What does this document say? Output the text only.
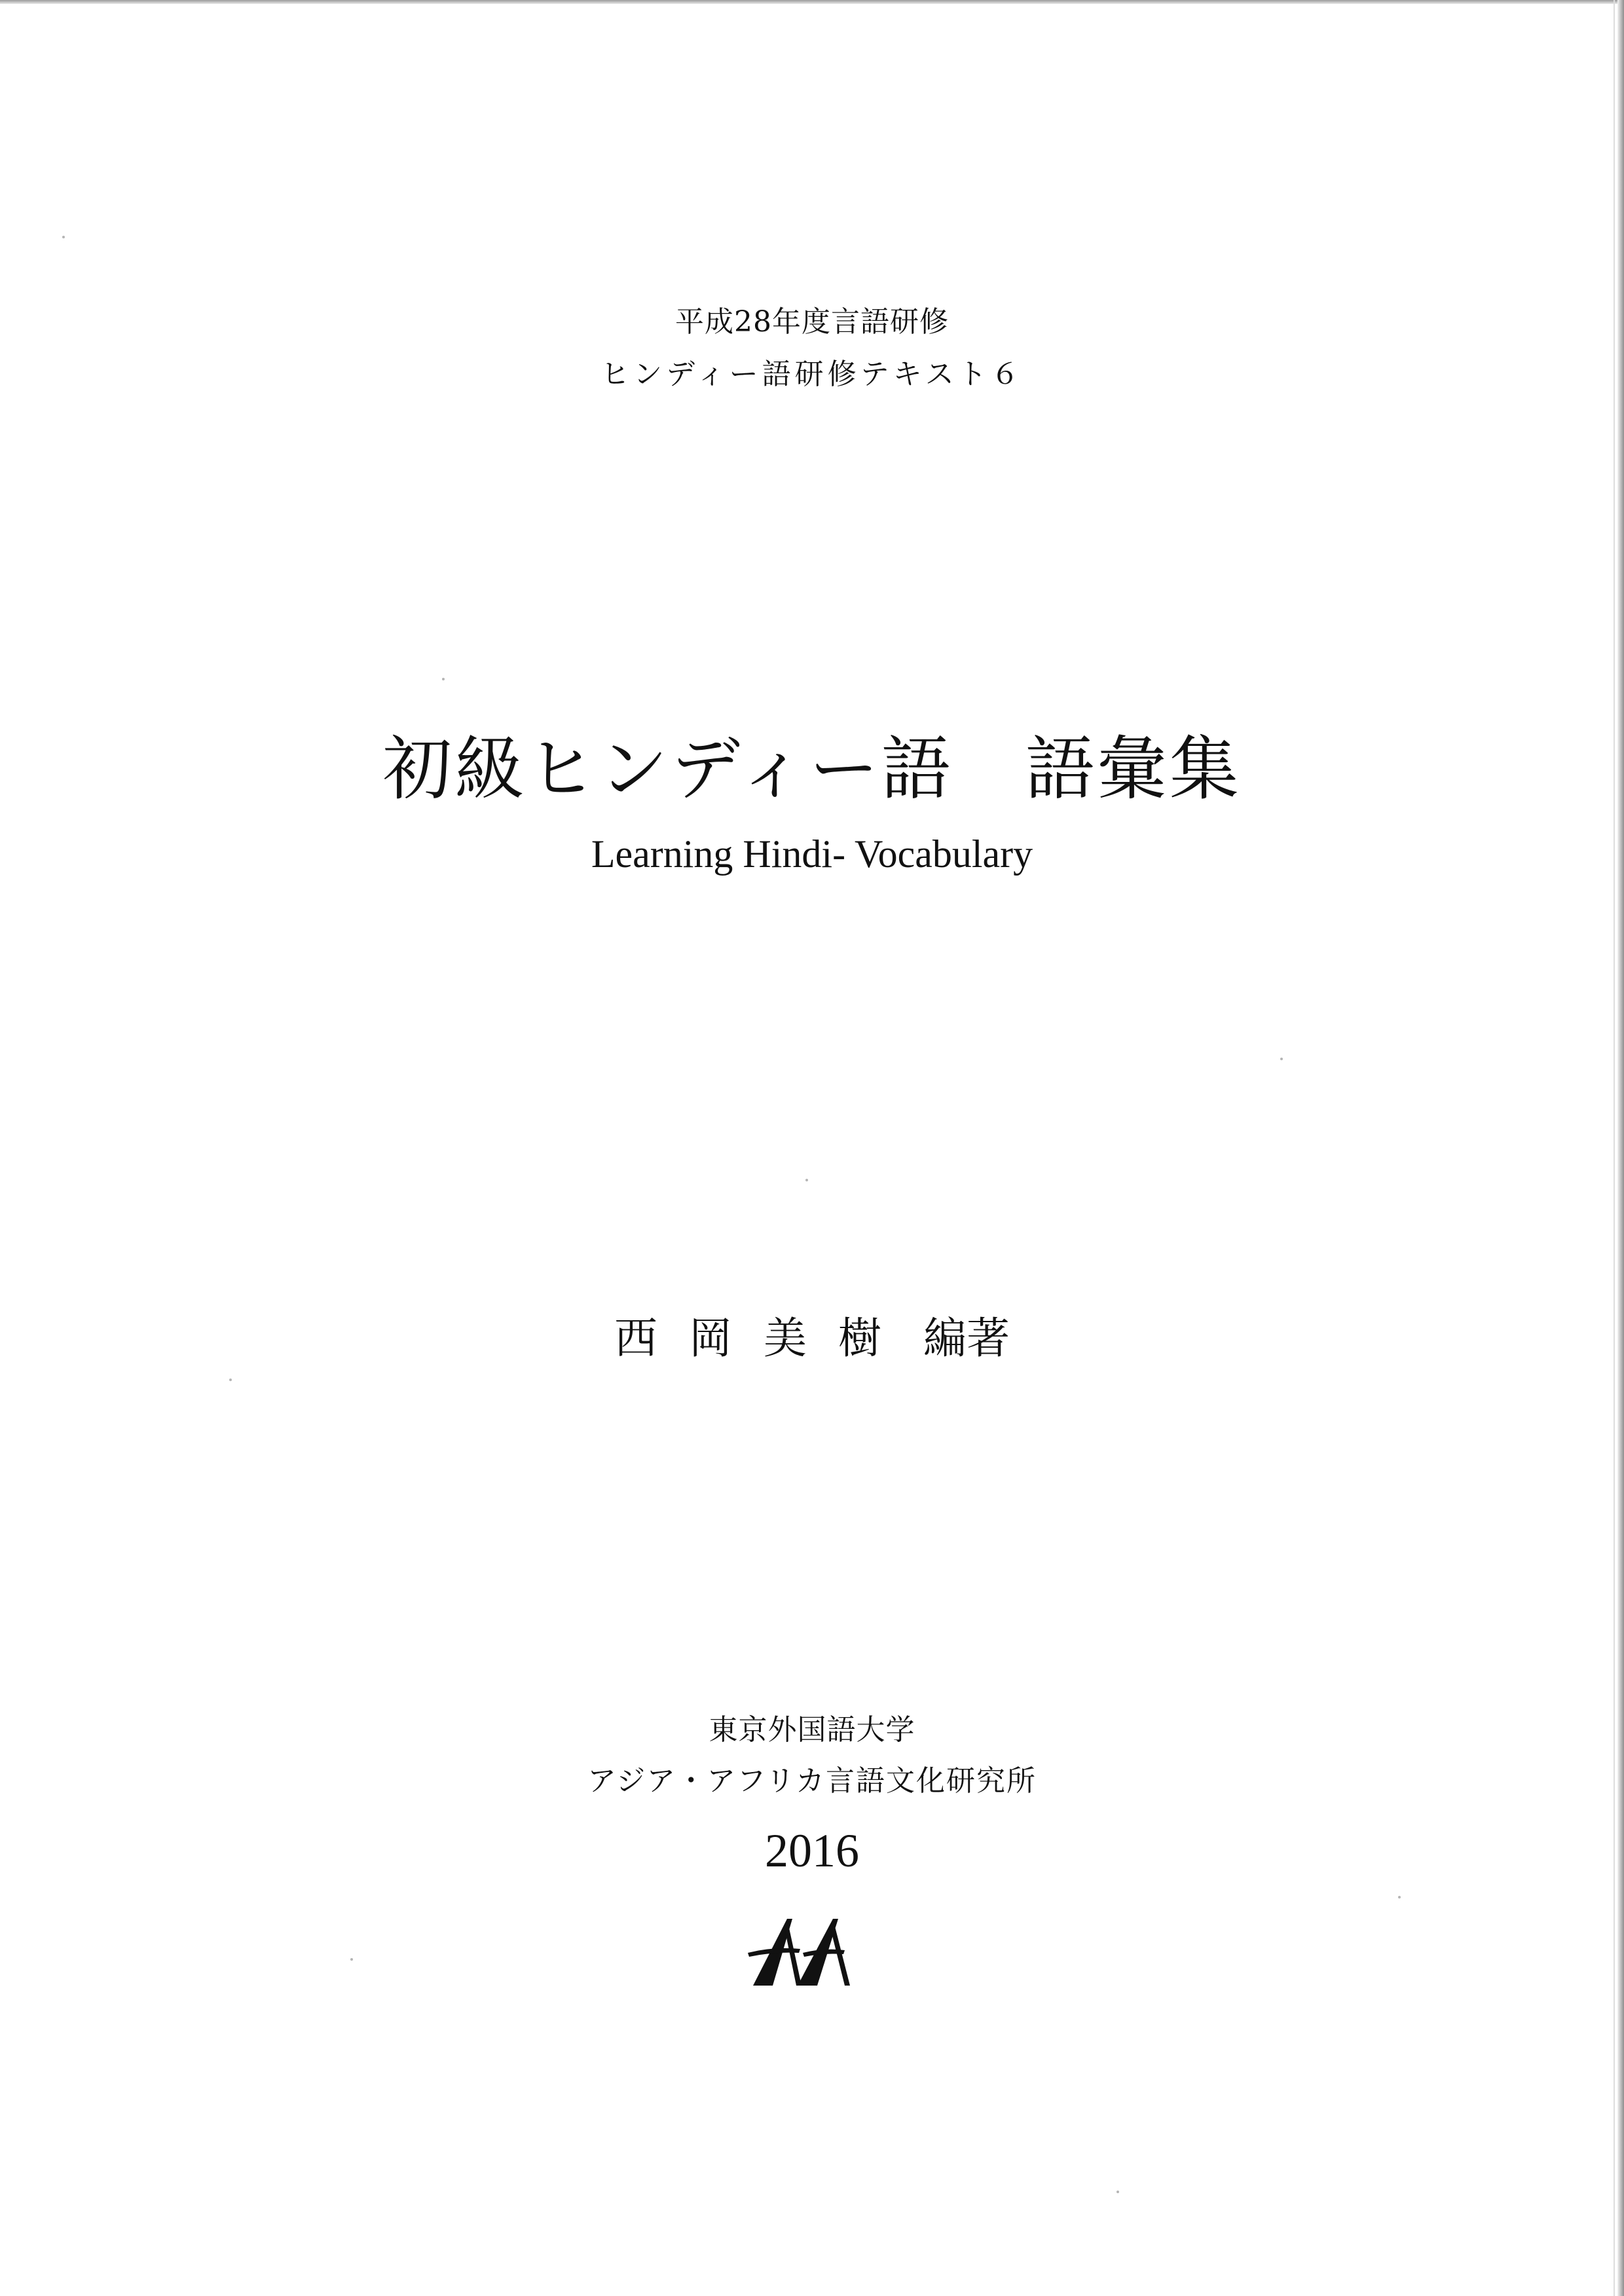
平成28年度言語研修
ヒンディー語研修テキスト６
初級ヒンディー語 語彙集
Learning Hindi- Vocabulary
西 岡 美 樹 編著
東京外国語大学
アジア・アフリカ言語文化研究所
2016
